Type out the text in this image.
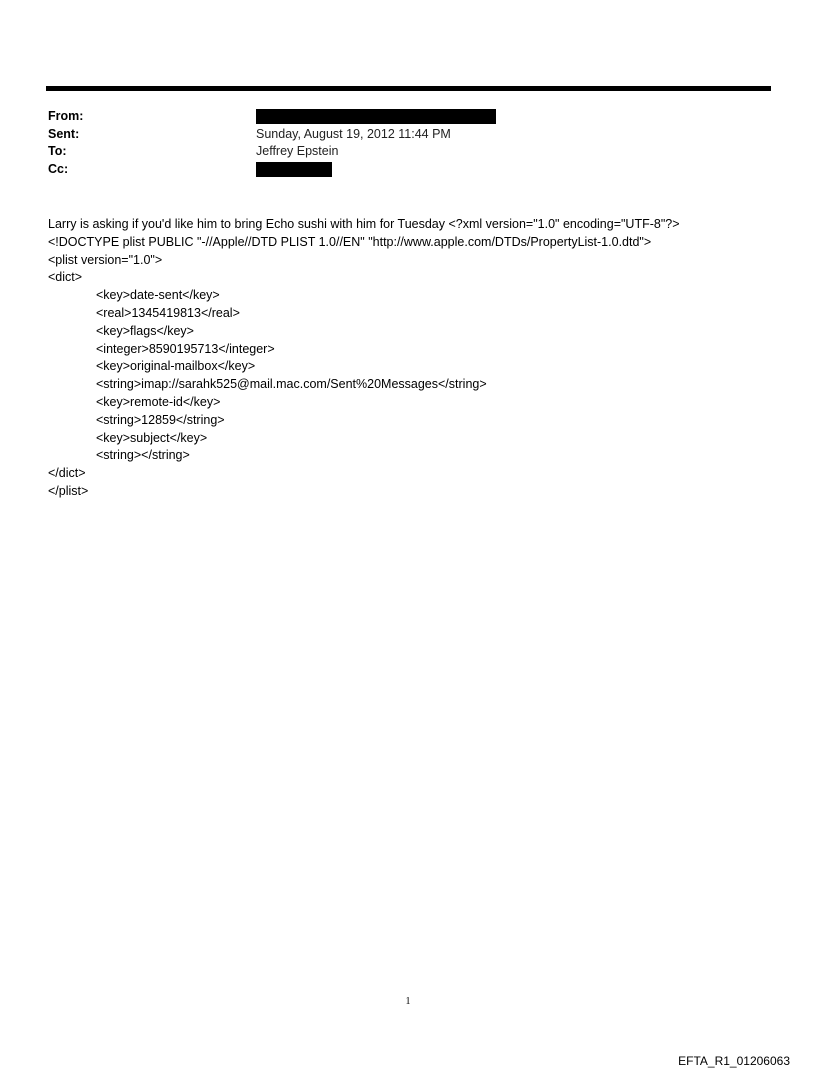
From:
Sent:	Sunday, August 19, 2012 11:44 PM
To:	Jeffrey Epstein
Cc:
Larry is asking if you'd like him to bring Echo sushi with him for Tuesday <?xml version="1.0" encoding="UTF-8"?>
<!DOCTYPE plist PUBLIC "-//Apple//DTD PLIST 1.0//EN" "http://www.apple.com/DTDs/PropertyList-1.0.dtd">
<plist version="1.0">
<dict>
<key>date-sent</key>
<real>1345419813</real>
<key>flags</key>
<integer>8590195713</integer>
<key>original-mailbox</key>
<string>imap://sarahk525@mail.mac.com/Sent%20Messages</string>
<key>remote-id</key>
<string>12859</string>
<key>subject</key>
<string></string>
</dict>
</plist>
1
EFTA_R1_01206063
